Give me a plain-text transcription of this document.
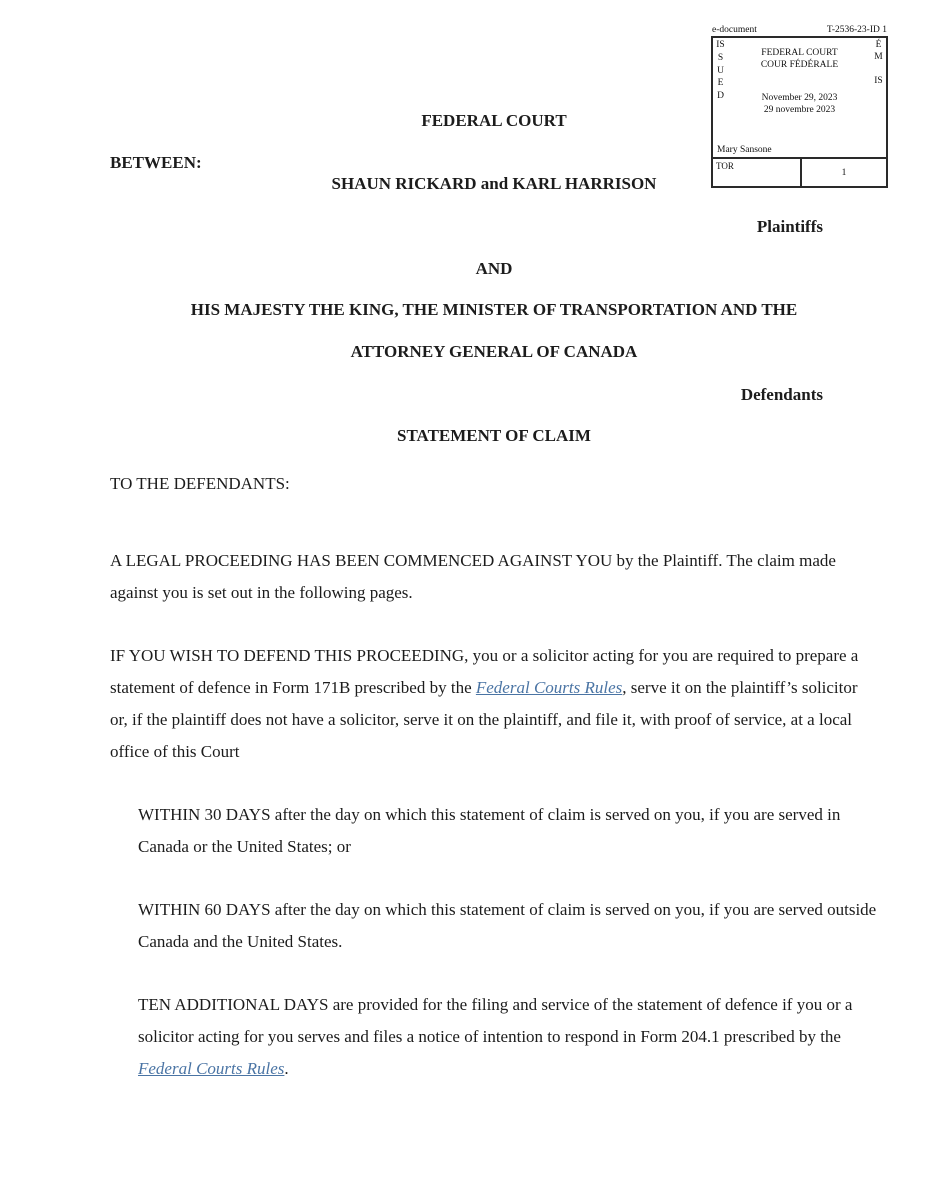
e-document	T-2536-23-ID 1
ISSUED
ÉM
IS
FEDERAL COURT
COUR FÉDÉRALE
November 29, 2023
29 novembre 2023
Mary Sansone
TOR
1
FEDERAL COURT
BETWEEN:
SHAUN RICKARD and KARL HARRISON
Plaintiffs
AND
HIS MAJESTY THE KING, THE MINISTER OF TRANSPORTATION AND THE
ATTORNEY GENERAL OF CANADA
Defendants
STATEMENT OF CLAIM
TO THE DEFENDANTS:

A LEGAL PROCEEDING HAS BEEN COMMENCED AGAINST YOU by the Plaintiff. The claim made against you is set out in the following pages.

IF YOU WISH TO DEFEND THIS PROCEEDING, you or a solicitor acting for you are required to prepare a statement of defence in Form 171B prescribed by the Federal Courts Rules, serve it on the plaintiff’s solicitor or, if the plaintiff does not have a solicitor, serve it on the plaintiff, and file it, with proof of service, at a local office of this Court

WITHIN 30 DAYS after the day on which this statement of claim is served on you, if you are served in Canada or the United States; or

WITHIN 60 DAYS after the day on which this statement of claim is served on you, if you are served outside Canada and the United States.

TEN ADDITIONAL DAYS are provided for the filing and service of the statement of defence if you or a solicitor acting for you serves and files a notice of intention to respond in Form 204.1 prescribed by the Federal Courts Rules.
